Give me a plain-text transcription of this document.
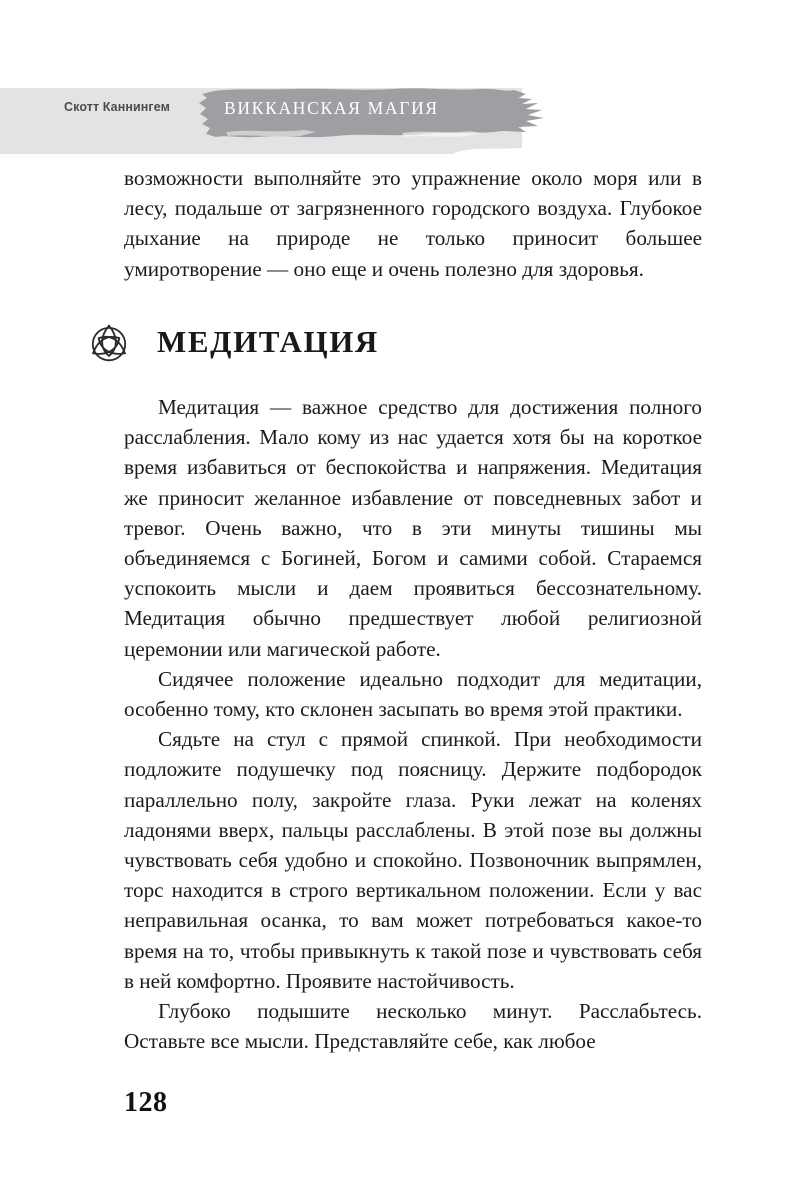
ВИККАНСКАЯ МАГИЯ
Скотт Каннингем

возможности выполняйте это упражнение около моря или в лесу, подальше от загрязненного городского воздуха. Глубокое дыхание на природе не только приносит большее умиротворение — оно еще и очень полезно для здоровья.

МЕДИТАЦИЯ

Медитация — важное средство для достижения полного расслабления. Мало кому из нас удается хотя бы на короткое время избавиться от беспокойства и напряжения. Медитация же приносит желанное избавление от повседневных забот и тревог. Очень важно, что в эти минуты тишины мы объединяемся с Богиней, Богом и самими собой. Стараемся успокоить мысли и даем проявиться бессознательному. Медитация обычно предшествует любой религиозной церемонии или магической работе.

Сидячее положение идеально подходит для медитации, особенно тому, кто склонен засыпать во время этой практики.

Сядьте на стул с прямой спинкой. При необходимости подложите подушечку под поясницу. Держите подбородок параллельно полу, закройте глаза. Руки лежат на коленях ладонями вверх, пальцы расслаблены. В этой позе вы должны чувствовать себя удобно и спокойно. Позвоночник выпрямлен, торс находится в строго вертикальном положении. Если у вас неправильная осанка, то вам может потребоваться какое-то время на то, чтобы привыкнуть к такой позе и чувствовать себя в ней комфортно. Проявите настойчивость.

Глубоко подышите несколько минут. Расслабьтесь. Оставьте все мысли. Представляйте себе, как любое

128
